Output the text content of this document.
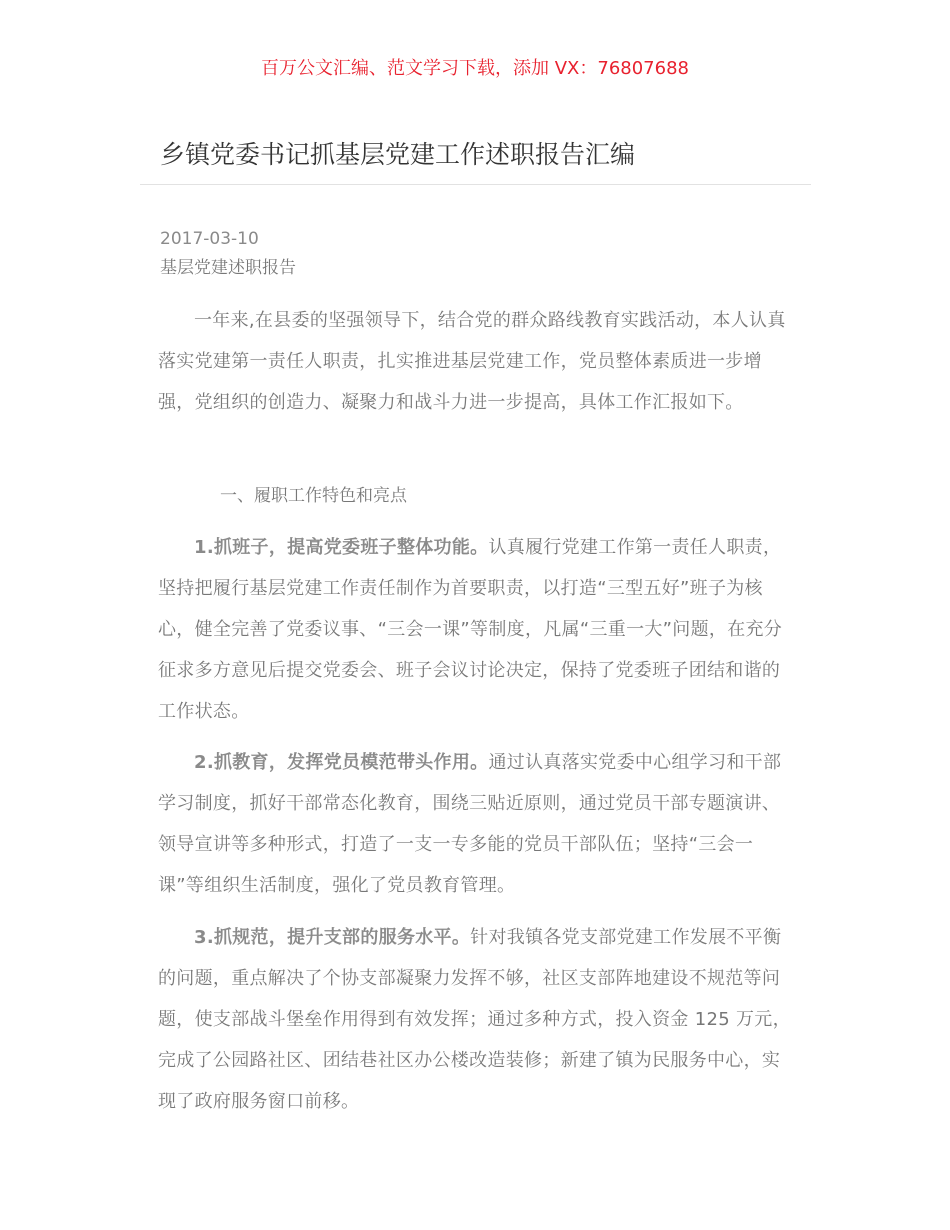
百万公文汇编、范文学习下载，添加 VX：76807688
乡镇党委书记抓基层党建工作述职报告汇编
2017-03-10
基层党建述职报告

一年来,在县委的坚强领导下，结合党的群众路线教育实践活动，本人认真落实党建第一责任人职责，扎实推进基层党建工作，党员整体素质进一步增强，党组织的创造力、凝聚力和战斗力进一步提高，具体工作汇报如下。

一、履职工作特色和亮点

1.抓班子，提高党委班子整体功能。认真履行党建工作第一责任人职责，坚持把履行基层党建工作责任制作为首要职责，以打造“三型五好”班子为核心，健全完善了党委议事、“三会一课”等制度，凡属“三重一大”问题，在充分征求多方意见后提交党委会、班子会议讨论决定，保持了党委班子团结和谐的工作状态。

2.抓教育，发挥党员模范带头作用。通过认真落实党委中心组学习和干部学习制度，抓好干部常态化教育，围绕三贴近原则，通过党员干部专题演讲、领导宣讲等多种形式，打造了一支一专多能的党员干部队伍；坚持“三会一课”等组织生活制度，强化了党员教育管理。

3.抓规范，提升支部的服务水平。针对我镇各党支部党建工作发展不平衡的问题，重点解决了个协支部凝聚力发挥不够，社区支部阵地建设不规范等问题，使支部战斗堡垒作用得到有效发挥；通过多种方式，投入资金 125 万元，完成了公园路社区、团结巷社区办公楼改造装修；新建了镇为民服务中心，实现了政府服务窗口前移。
